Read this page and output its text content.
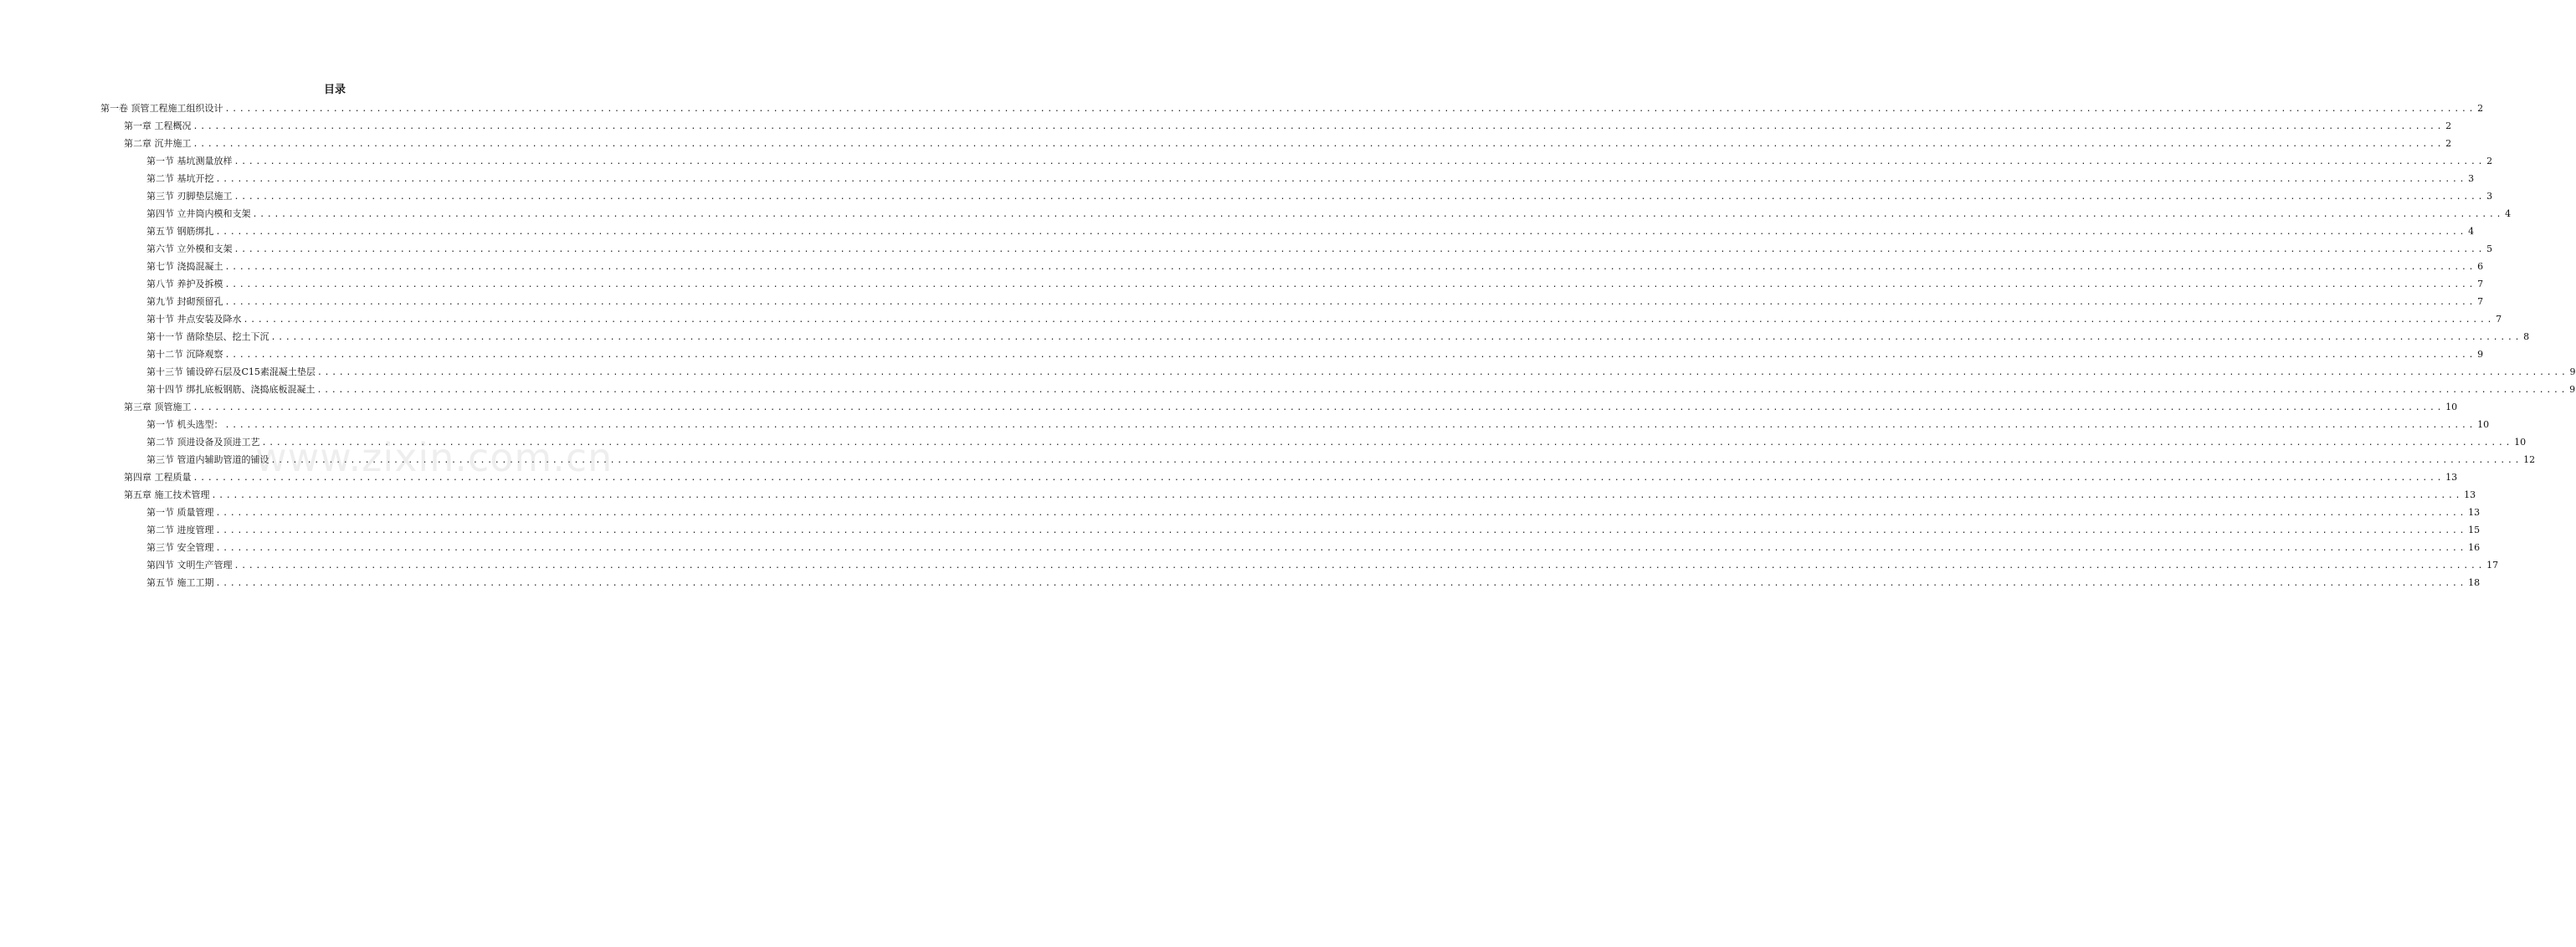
目录
第一卷 顶管工程施工组织设计 ........................................................................................................................................................................................................................................................................................................................ 2
第一章 工程概况 ........................................................................................................................................................................................................................................................................................................................ 2
第二章 沉井施工 ........................................................................................................................................................................................................................................................................................................................ 2
第一节 基坑测量放样 ........................................................................................................................................................................................................................................................................................................................ 2
第二节 基坑开挖 ........................................................................................................................................................................................................................................................................................................................ 3
第三节 刃脚垫层施工 ........................................................................................................................................................................................................................................................................................................................ 3
第四节 立井筒内模和支架 ........................................................................................................................................................................................................................................................................................................................ 4
第五节 钢筋绑扎 ........................................................................................................................................................................................................................................................................................................................ 4
第六节 立外模和支架 ........................................................................................................................................................................................................................................................................................................................ 5
第七节 浇捣混凝土 ........................................................................................................................................................................................................................................................................................................................ 6
第八节 养护及拆模 ........................................................................................................................................................................................................................................................................................................................ 7
第九节 封砌预留孔 ........................................................................................................................................................................................................................................................................................................................ 7
第十节 井点安装及降水 ........................................................................................................................................................................................................................................................................................................................ 7
第十一节 凿除垫层、挖土下沉 ........................................................................................................................................................................................................................................................................................................................ 8
第十二节 沉降观察 ........................................................................................................................................................................................................................................................................................................................ 9
第十三节 铺设碎石层及C15素混凝土垫层 ........................................................................................................................................................................................................................................................................................................................ 9
第十四节 绑扎底板钢筋、浇捣底板混凝土 ........................................................................................................................................................................................................................................................................................................................ 9
第三章 顶管施工 ........................................................................................................................................................................................................................................................................................................................ 10
第一节 机头选型： ........................................................................................................................................................................................................................................................................................................................ 10
第二节 顶进设备及顶进工艺 ........................................................................................................................................................................................................................................................................................................................ 10
第三节 管道内辅助管道的铺设 ........................................................................................................................................................................................................................................................................................................................ 12
第四章 工程质量 ........................................................................................................................................................................................................................................................................................................................ 13
第五章 施工技术管理 ........................................................................................................................................................................................................................................................................................................................ 13
第一节 质量管理 ........................................................................................................................................................................................................................................................................................................................ 13
第二节 进度管理 ........................................................................................................................................................................................................................................................................................................................ 15
第三节 安全管理 ........................................................................................................................................................................................................................................................................................................................ 16
第四节 文明生产管理 ........................................................................................................................................................................................................................................................................................................................ 17
第五节 施工工期 ........................................................................................................................................................................................................................................................................................................................ 18
www.zixin.com.cn
